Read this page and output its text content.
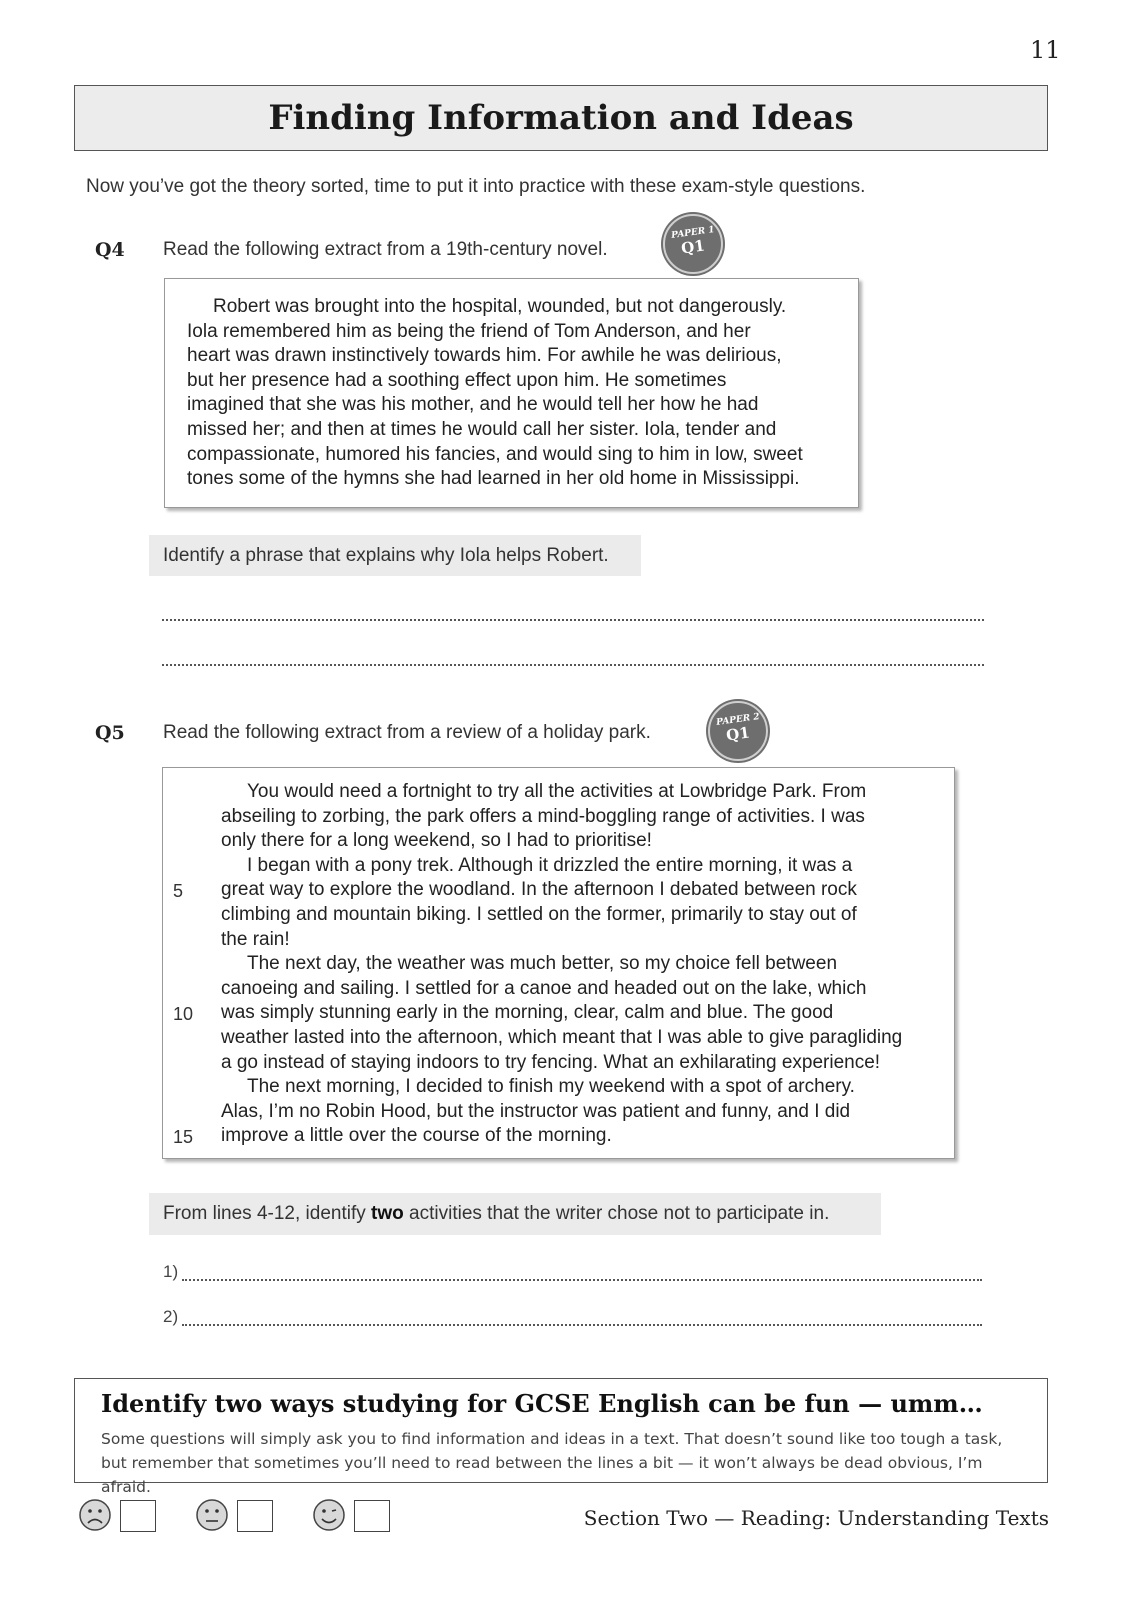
11
Finding Information and Ideas
Now you’ve got the theory sorted, time to put it into practice with these exam-style questions.
Q4 Read the following extract from a 19th-century novel.
PAPER 1
Q1

Robert was brought into the hospital, wounded, but not dangerously.

Iola remembered him as being the friend of Tom Anderson, and her

heart was drawn instinctively towards him. For awhile he was delirious,

but her presence had a soothing effect upon him. He sometimes

imagined that she was his mother, and he would tell her how he had

missed her; and then at times he would call her sister. Iola, tender and

compassionate, humored his fancies, and would sing to him in low, sweet

tones some of the hymns she had learned in her old home in Mississippi.

Identify a phrase that explains why Iola helps Robert.
Q5 Read the following extract from a review of a holiday park.
PAPER 2
Q1
You would need a fortnight to try all the activities at Lowbridge Park. From
abseiling to zorbing, the park offers a mind-boggling range of activities. I was
only there for a long weekend, so I had to prioritise!
I began with a pony trek. Although it drizzled the entire morning, it was a
great way to explore the woodland. In the afternoon I debated between rock
climbing and mountain biking. I settled on the former, primarily to stay out of
the rain!
The next day, the weather was much better, so my choice fell between
canoeing and sailing. I settled for a canoe and headed out on the lake, which
was simply stunning early in the morning, clear, calm and blue. The good
weather lasted into the afternoon, which meant that I was able to give paragliding
a go instead of staying indoors to try fencing. What an exhilarating experience!
The next morning, I decided to finish my weekend with a spot of archery.
Alas, I’m no Robin Hood, but the instructor was patient and funny, and I did
improve a little over the course of the morning.
5
10
15
From lines 4-12, identify two activities that the writer chose not to participate in.
1)
2)
Identify two ways studying for GCSE English can be fun — umm…
Some questions will simply ask you to find information and ideas in a text. That doesn’t sound like too tough a task,
but remember that sometimes you’ll need to read between the lines a bit — it won’t always be dead obvious, I’m afraid.
Section Two — Reading: Understanding Texts
